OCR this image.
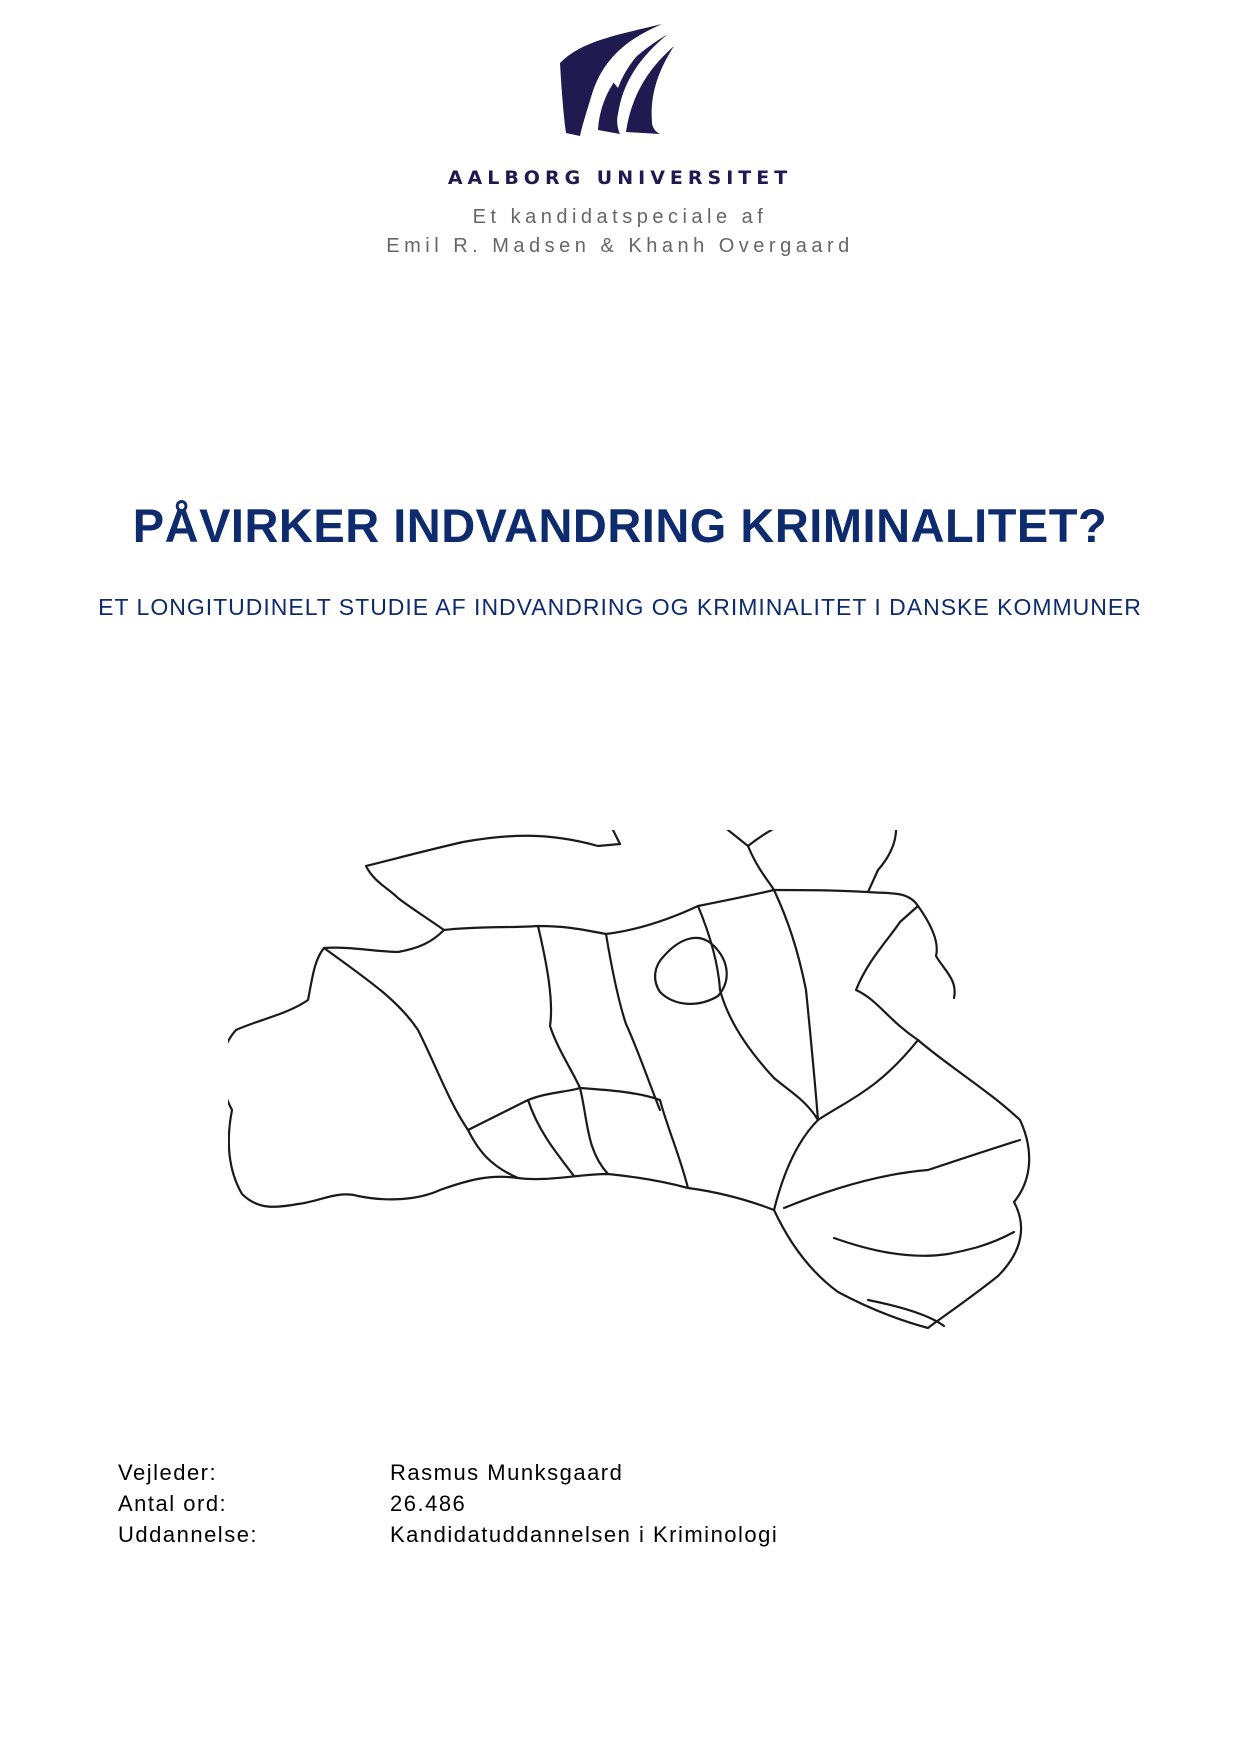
AALBORG UNIVERSITET
Et kandidatspeciale af
Emil R. Madsen & Khanh Overgaard
PÅVIRKER INDVANDRING KRIMINALITET?
ET LONGITUDINELT STUDIE AF INDVANDRING OG KRIMINALITET I DANSKE KOMMUNER
Vejleder:	Rasmus Munksgaard
Antal ord:	26.486
Uddannelse:	Kandidatuddannelsen i Kriminologi
